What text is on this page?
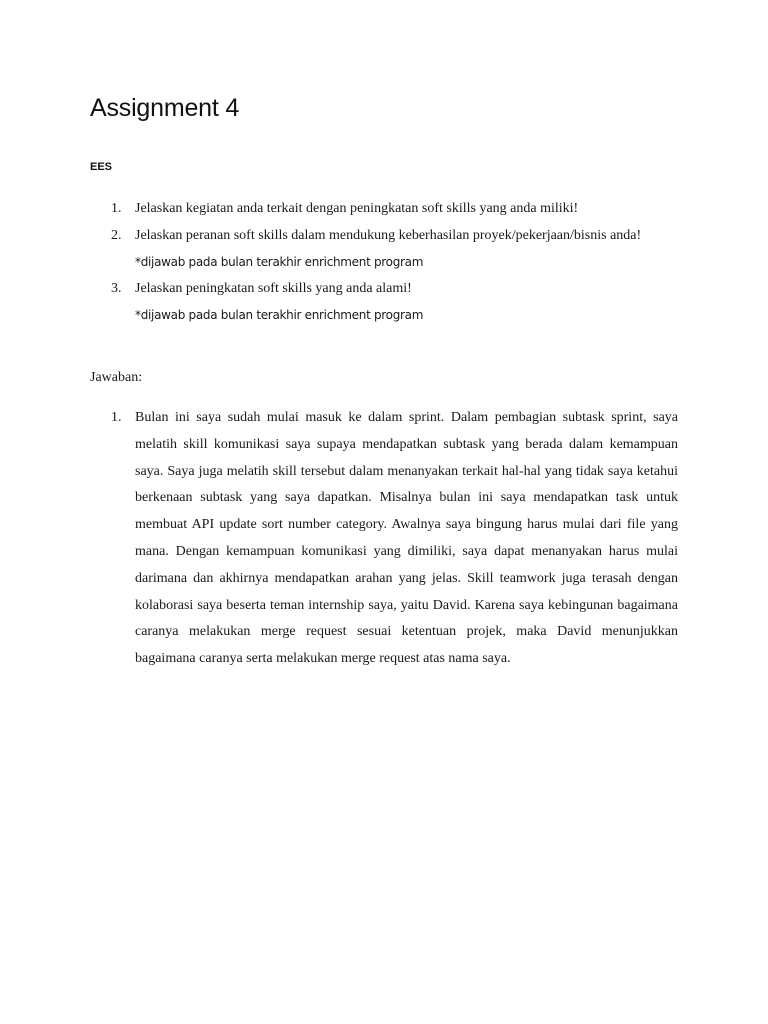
Assignment 4
EES
1. Jelaskan kegiatan anda terkait dengan peningkatan soft skills yang anda miliki!
2. Jelaskan peranan soft skills dalam mendukung keberhasilan proyek/pekerjaan/bisnis anda!
*dijawab pada bulan terakhir enrichment program
3. Jelaskan peningkatan soft skills yang anda alami!
*dijawab pada bulan terakhir enrichment program
Jawaban:
1. Bulan ini saya sudah mulai masuk ke dalam sprint. Dalam pembagian subtask sprint, saya melatih skill komunikasi saya supaya mendapatkan subtask yang berada dalam kemampuan saya. Saya juga melatih skill tersebut dalam menanyakan terkait hal-hal yang tidak saya ketahui berkenaan subtask yang saya dapatkan. Misalnya bulan ini saya mendapatkan task untuk membuat API update sort number category. Awalnya saya bingung harus mulai dari file yang mana. Dengan kemampuan komunikasi yang dimiliki, saya dapat menanyakan harus mulai darimana dan akhirnya mendapatkan arahan yang jelas. Skill teamwork juga terasah dengan kolaborasi saya beserta teman internship saya, yaitu David. Karena saya kebingunan bagaimana caranya melakukan merge request sesuai ketentuan projek, maka David menunjukkan bagaimana caranya serta melakukan merge request atas nama saya.
